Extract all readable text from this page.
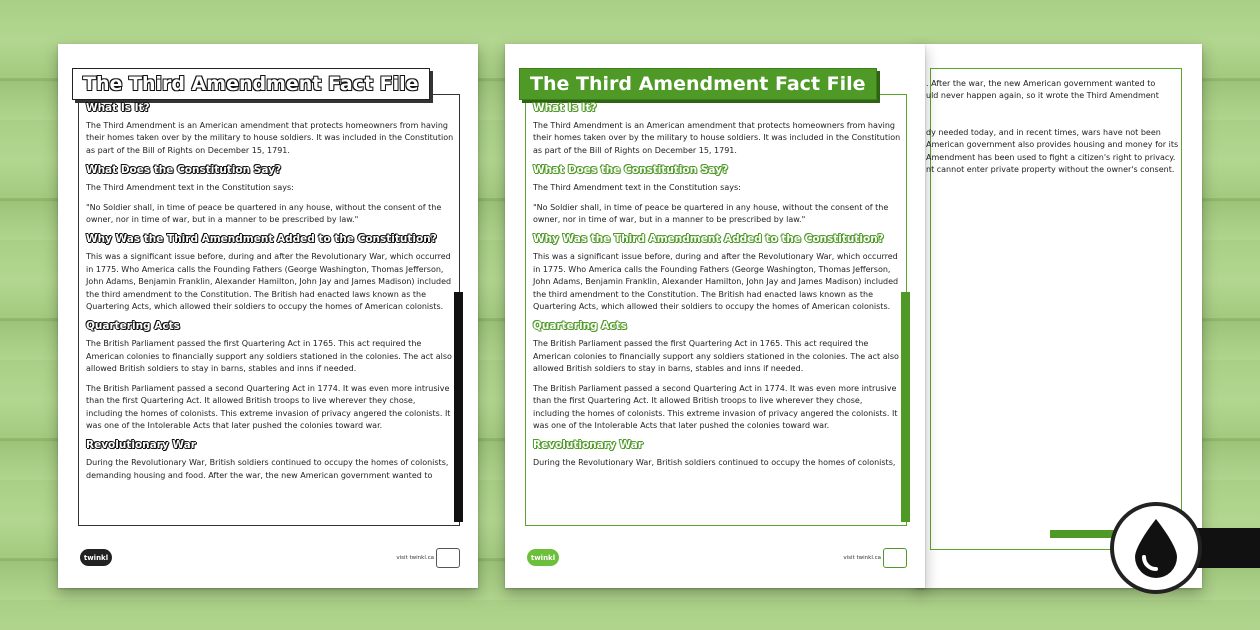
. After the war, the new American government wanted to
uld never happen again, so it wrote the Third Amendment
dy needed today, and in recent times, wars have not been
American government also provides housing and money for its
Amendment has been used to fight a citizen's right to privacy.
nt cannot enter private property without the owner's consent.
The Third Amendment Fact File
What Is It?
The Third Amendment is an American amendment that protects homeowners from having their homes taken over by the military to house soldiers. It was included in the Constitution as part of the Bill of Rights on December 15, 1791.
What Does the Constitution Say?
The Third Amendment text in the Constitution says:
"No Soldier shall, in time of peace be quartered in any house, without the consent of the owner, nor in time of war, but in a manner to be prescribed by law."
Why Was the Third Amendment Added to the Constitution?
This was a significant issue before, during and after the Revolutionary War, which occurred in 1775. Who America calls the Founding Fathers (George Washington, Thomas Jefferson, John Adams, Benjamin Franklin, Alexander Hamilton, John Jay and James Madison) included the third amendment to the Constitution. The British had enacted laws known as the Quartering Acts, which allowed their soldiers to occupy the homes of American colonists.
Quartering Acts
The British Parliament passed the first Quartering Act in 1765. This act required the American colonies to financially support any soldiers stationed in the colonies. The act also allowed British soldiers to stay in barns, stables and inns if needed.
The British Parliament passed a second Quartering Act in 1774. It was even more intrusive than the first Quartering Act. It allowed British troops to live wherever they chose, including the homes of colonists. This extreme invasion of privacy angered the colonists. It was one of the Intolerable Acts that later pushed the colonies toward war.
Revolutionary War
During the Revolutionary War, British soldiers continued to occupy the homes of colonists, demanding housing and food. After the war, the new American government wanted to
twinkl	visit twinkl.ca
The Third Amendment Fact File
What Is It?
The Third Amendment is an American amendment that protects homeowners from having their homes taken over by the military to house soldiers. It was included in the Constitution as part of the Bill of Rights on December 15, 1791.
What Does the Constitution Say?
The Third Amendment text in the Constitution says:
"No Soldier shall, in time of peace be quartered in any house, without the consent of the owner, nor in time of war, but in a manner to be prescribed by law."
Why Was the Third Amendment Added to the Constitution?
This was a significant issue before, during and after the Revolutionary War, which occurred in 1775. Who America calls the Founding Fathers (George Washington, Thomas Jefferson, John Adams, Benjamin Franklin, Alexander Hamilton, John Jay and James Madison) included the third amendment to the Constitution. The British had enacted laws known as the Quartering Acts, which allowed their soldiers to occupy the homes of American colonists.
Quartering Acts
The British Parliament passed the first Quartering Act in 1765. This act required the American colonies to financially support any soldiers stationed in the colonies. The act also allowed British soldiers to stay in barns, stables and inns if needed.
The British Parliament passed a second Quartering Act in 1774. It was even more intrusive than the first Quartering Act. It allowed British troops to live wherever they chose, including the homes of colonists. This extreme invasion of privacy angered the colonists. It was one of the Intolerable Acts that later pushed the colonies toward war.
Revolutionary War
During the Revolutionary War, British soldiers continued to occupy the homes of colonists,
twinkl	visit twinkl.ca
